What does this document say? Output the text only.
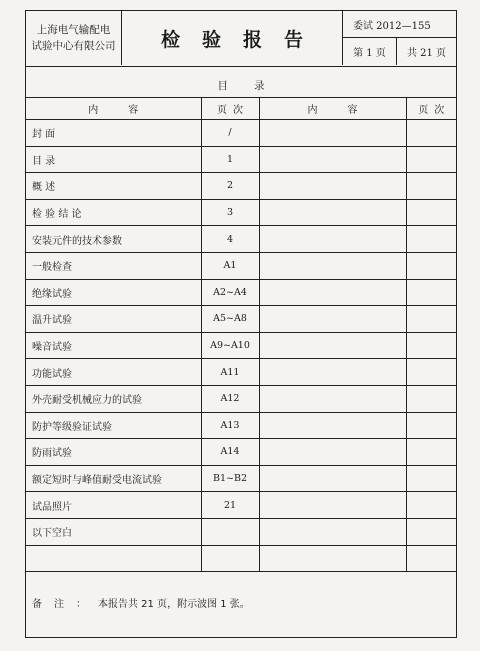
上海电气输配电
试验中心有限公司	检验报告
委试 2012—155
第 1 页	共 21 页
目录
内容	页次	内容	页次
封 面	/		
目 录	1		
概 述	2		
检 验 结 论	3		
安装元件的技术参数	4		
一般检查	A1		
绝缘试验	A2~A4		
温升试验	A5~A8		
噪音试验	A9~A10		
功能试验	A11		
外壳耐受机械应力的试验	A12		
防护等级验证试验	A13		
防雨试验	A14		
额定短时与峰值耐受电流试验	B1~B2		
试品照片	21		
以下空白			

备注：本报告共 21 页，附示波图 1 张。
